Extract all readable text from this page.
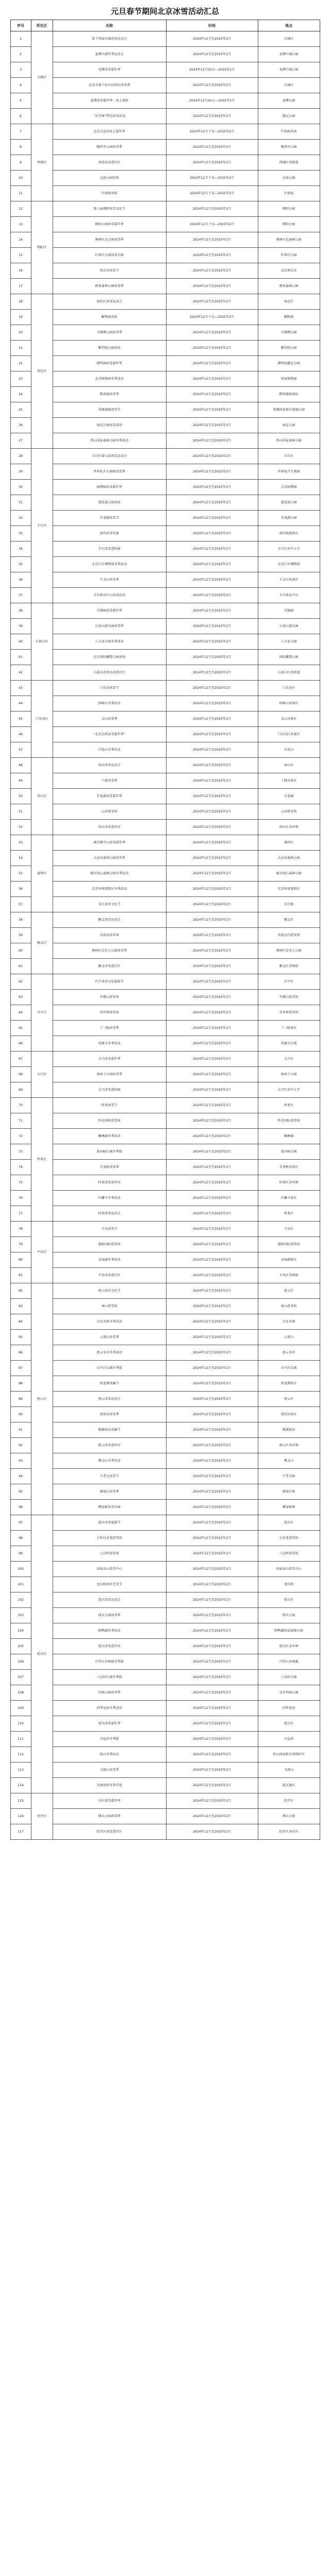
元旦春节期间北京冰雪活动汇总
序号	所在区	名称	时间	地点
1	东城区	第十四届东城冰雪运动会	2024年12月至2025年2月	东城区
2		龙潭中湖冬季运动会	2024年12月至2025年2月	龙潭中湖公园
3		龙潭冰雪嘉年华	2024年12月20日—2025年2月	龙潭中湖公园
4		北京市第十届市民快乐冰雪季	2024年12月至2025年2月	东城区
5		龙潭冰雪嘉年华 · 冰上体验	2024年12月20日—2025年2月	龙潭公园
6		“庆冬奥”特色冰雪活动	2024年12月至2025年2月	地坛公园
7	西城区	北京大运河冰上嘉年华	2024年12月下旬—2025年2月	什刹海冰场
8		陶然亭公园冰雪季	2024年12月至2025年2月	陶然亭公园
9		冰雪运动进社区	2024年12月至2025年2月	西城区各街道
10		北海公园冰场	2024年12月下旬—2025年2月	北海公园
11		什刹海冰场	2024年12月下旬—2025年2月	什刹海
12	朝阳区	第八届朝阳冰雪文化节	2024年12月至2025年2月	朝阳公园
13		朝阳公园冰雪嘉年华	2024年12月下旬—2025年2月	朝阳公园
14		奥林匹克公园冰雪季	2024年12月至2025年2月	奥林匹克森林公园
15		红领巾公园冰雪乐园	2024年12月至2025年2月	红领巾公园
16		欢乐谷冰雪节	2024年12月至2025年2月	北京欢乐谷
17		朝来森林公园冰雪季	2024年12月至2025年2月	朝来森林公园
18	海淀区	海淀区冰雪运动会	2024年12月至2025年2月	海淀区
19		颐和园冰场	2024年12月下旬—2025年2月	颐和园
20		玉渊潭公园冰雪季	2024年12月至2025年2月	玉渊潭公园
21		紫竹院公园冰场	2024年12月至2025年2月	紫竹院公园
22		圆明园冰雪嘉年华	2024年12月至2025年2月	圆明园遗址公园
23		北京植物园冬季活动	2024年12月至2025年2月	国家植物园
24		稻香湖冰雪季	2024年12月至2025年2月	稻香湖景酒店
25		翠湖湿地冰雪节	2024年12月至2025年2月	翠湖国家城市湿地公园
26		海淀公园冰雪活动	2024年12月至2025年2月	海淀公园
27		西山国家森林公园冬季活动	2024年12月至2025年2月	西山国家森林公园
28	丰台区	丰台区第七届冰雪运动会	2024年12月至2025年2月	丰台区
29		世界花卉大观园冰雪季	2024年12月至2025年2月	世界花卉大观园
30		园博园冰雪嘉年华	2024年12月至2025年2月	北京园博园
31		莲花池公园冰场	2024年12月至2025年2月	莲花池公园
32		青龙湖冰雪节	2024年12月至2025年2月	青龙湖公园
33		南宫冰雪乐园	2024年12月至2025年2月	南宫旅游景区
34		丰台冰雪进校园	2024年12月至2025年2月	丰台区各中小学
35		北京汽车博物馆冬季活动	2024年12月至2025年2月	北京汽车博物馆
36		千灵山冰雪季	2024年12月至2025年2月	千灵山风景区
37		丰台体育中心冰雪活动	2024年12月至2025年2月	丰台体育中心
38	石景山区	首钢园冰雪嘉年华	2024年12月至2025年2月	首钢园
39		石景山游乐园冰雪季	2024年12月至2025年2月	石景山游乐园
40		八大处公园冬季活动	2024年12月至2025年2月	八大处公园
41		北京国际雕塑公园冰场	2024年12月至2025年2月	国际雕塑公园
42		石景山冰雪运动进社区	2024年12月至2025年2月	石景山区各街道
43	门头沟区	门头沟冰雪节	2024年12月至2025年2月	门头沟区
44		妙峰山冬季活动	2024年12月至2025年2月	妙峰山风景区
45		灵山冰雪季	2024年12月至2025年2月	灵山风景区
46		“北京京西冰雪嘉年华”	2024年12月至2025年2月	门头沟区各景区
47		百花山冬季活动	2024年12月至2025年2月	百花山
48	房山区	房山冰雪运动会	2024年12月至2025年2月	房山区
49		十渡冰雪季	2024年12月至2025年2月	十渡风景区
50		青龙湖冰雪嘉年华	2024年12月至2025年2月	青龙湖
51		云居滑雪场	2024年12月至2025年2月	云居滑雪场
52		房山冰雪进乡村	2024年12月至2025年2月	房山区各乡镇
53	通州区	城市副中心冰雪嘉年华	2024年12月至2025年2月	通州区
54		大运河森林公园冰雪季	2024年12月至2025年2月	大运河森林公园
55		城市绿心森林公园冬季活动	2024年12月至2025年2月	城市绿心森林公园
56		北京环球度假区冬季活动	2024年12月至2025年2月	北京环球度假区
57		宋庄冰雪文化节	2024年12月至2025年2月	宋庄镇
58	顺义区	顺义冰雪运动会	2024年12月至2025年2月	顺义区
59		乔波冰雪世界	2024年12月至2025年2月	乔波室内滑雪馆
60		奥林匹克水上公园冰雪季	2024年12月至2025年2月	奥林匹克水上公园
61		顺义冰雪进社区	2024年12月至2025年2月	顺义区各镇街
62	昌平区	昌平冰雪文化旅游节	2024年12月至2025年2月	昌平区
63		军都山滑雪场	2024年12月至2025年2月	军都山滑雪场
64		雪世界滑雪场	2024年12月至2025年2月	雪世界滑雪场
65		十三陵冰雪季	2024年12月至2025年2月	十三陵景区
66		居庸关冬季活动	2024年12月至2025年2月	居庸关长城
67	大兴区	大兴冰雪嘉年华	2024年12月至2025年2月	大兴区
68		南海子公园冰雪季	2024年12月至2025年2月	南海子公园
69		大兴冰雪进校园	2024年12月至2025年2月	大兴区各中小学
70	怀柔区	怀柔冰雪节	2024年12月至2025年2月	怀柔区
71		怀北国际滑雪场	2024年12月至2025年2月	怀北国际滑雪场
72		雁栖湖冬季活动	2024年12月至2025年2月	雁栖湖
73		慕田峪长城冬季游	2024年12月至2025年2月	慕田峪长城
74		青龙峡冰雪季	2024年12月至2025年2月	青龙峡风景区
75		怀柔冰雪进乡村	2024年12月至2025年2月	怀柔区各乡镇
76		红螺寺冬季活动	2024年12月至2025年2月	红螺寺景区
77		怀柔冰雪运动会	2024年12月至2025年2月	怀柔区
78	平谷区	平谷冰雪节	2024年12月至2025年2月	平谷区
79		渔阳国际滑雪场	2024年12月至2025年2月	渔阳国际滑雪场
80		金海湖冬季活动	2024年12月至2025年2月	金海湖景区
81		平谷冰雪进社区	2024年12月至2025年2月	平谷区各镇街
82	密云区	密云冰雪文化节	2024年12月至2025年2月	密云区
83		南山滑雪场	2024年12月至2025年2月	南山滑雪场
84		古北水镇冬季活动	2024年12月至2025年2月	古北水镇
85		云蒙山冰雪季	2024年12月至2025年2月	云蒙山
86		密云水库冬季活动	2024年12月至2025年2月	密云水库
87		司马台长城冬季游	2024年12月至2025年2月	司马台长城
88		黑龙潭冰瀑节	2024年12月至2025年2月	黑龙潭景区
89		密云冰雪运动会	2024年12月至2025年2月	密云区
90		清凉谷冰雪季	2024年12月至2025年2月	清凉谷景区
91		桃源仙谷冰瀑节	2024年12月至2025年2月	桃源仙谷
92		密云冰雪进乡村	2024年12月至2025年2月	密云区各乡镇
93		雾灵山冬季活动	2024年12月至2025年2月	雾灵山
94		不老屯冰雪节	2024年12月至2025年2月	不老屯镇
95		溪翁庄冰雪季	2024年12月至2025年2月	溪翁庄镇
96		穆家峪冰雪乐园	2024年12月至2025年2月	穆家峪镇
97	延庆区	延庆冰雪旅游节	2024年12月至2025年2月	延庆区
98		万科石京龙滑雪场	2024年12月至2025年2月	石京龙滑雪场
99		八达岭滑雪场	2024年12月至2025年2月	八达岭滑雪场
100		国家高山滑雪中心	2024年12月至2025年2月	国家高山滑雪中心
101		龙庆峡冰灯艺术节	2024年12月至2025年2月	龙庆峡
102		延庆冰雪运动会	2024年12月至2025年2月	延庆区
103		妫水公园冰雪季	2024年12月至2025年2月	妫水公园
104		野鸭湖冬季活动	2024年12月至2025年2月	野鸭湖国家湿地公园
105		延庆冰雪进乡村	2024年12月至2025年2月	延庆区各乡镇
106		百里山水画廊冬季游	2024年12月至2025年2月	百里山水画廊
107		八达岭长城冬季游	2024年12月至2025年2月	八达岭长城
108		世园公园冰雪季	2024年12月至2025年2月	北京世园公园
109		四季花海冬季活动	2024年12月至2025年2月	四季花海
110		延庆冰雪嘉年华	2024年12月至2025年2月	延庆区
111		古崖居冬季游	2024年12月至2025年2月	古崖居
112		松山冬季活动	2024年12月至2025年2月	松山国家级自然保护区
113		玉渡山冰雪季	2024年12月至2025年2月	玉渡山
114		冬奥场馆冬季开放	2024年12月至2025年2月	延庆赛区
115	经开区	亦庄冰雪嘉年华	2024年12月至2025年2月	经开区
116		博大公园冰雪季	2024年12月至2025年2月	博大公园
117		经开区冰雪进社区	2024年12月至2025年2月	经开区各社区
